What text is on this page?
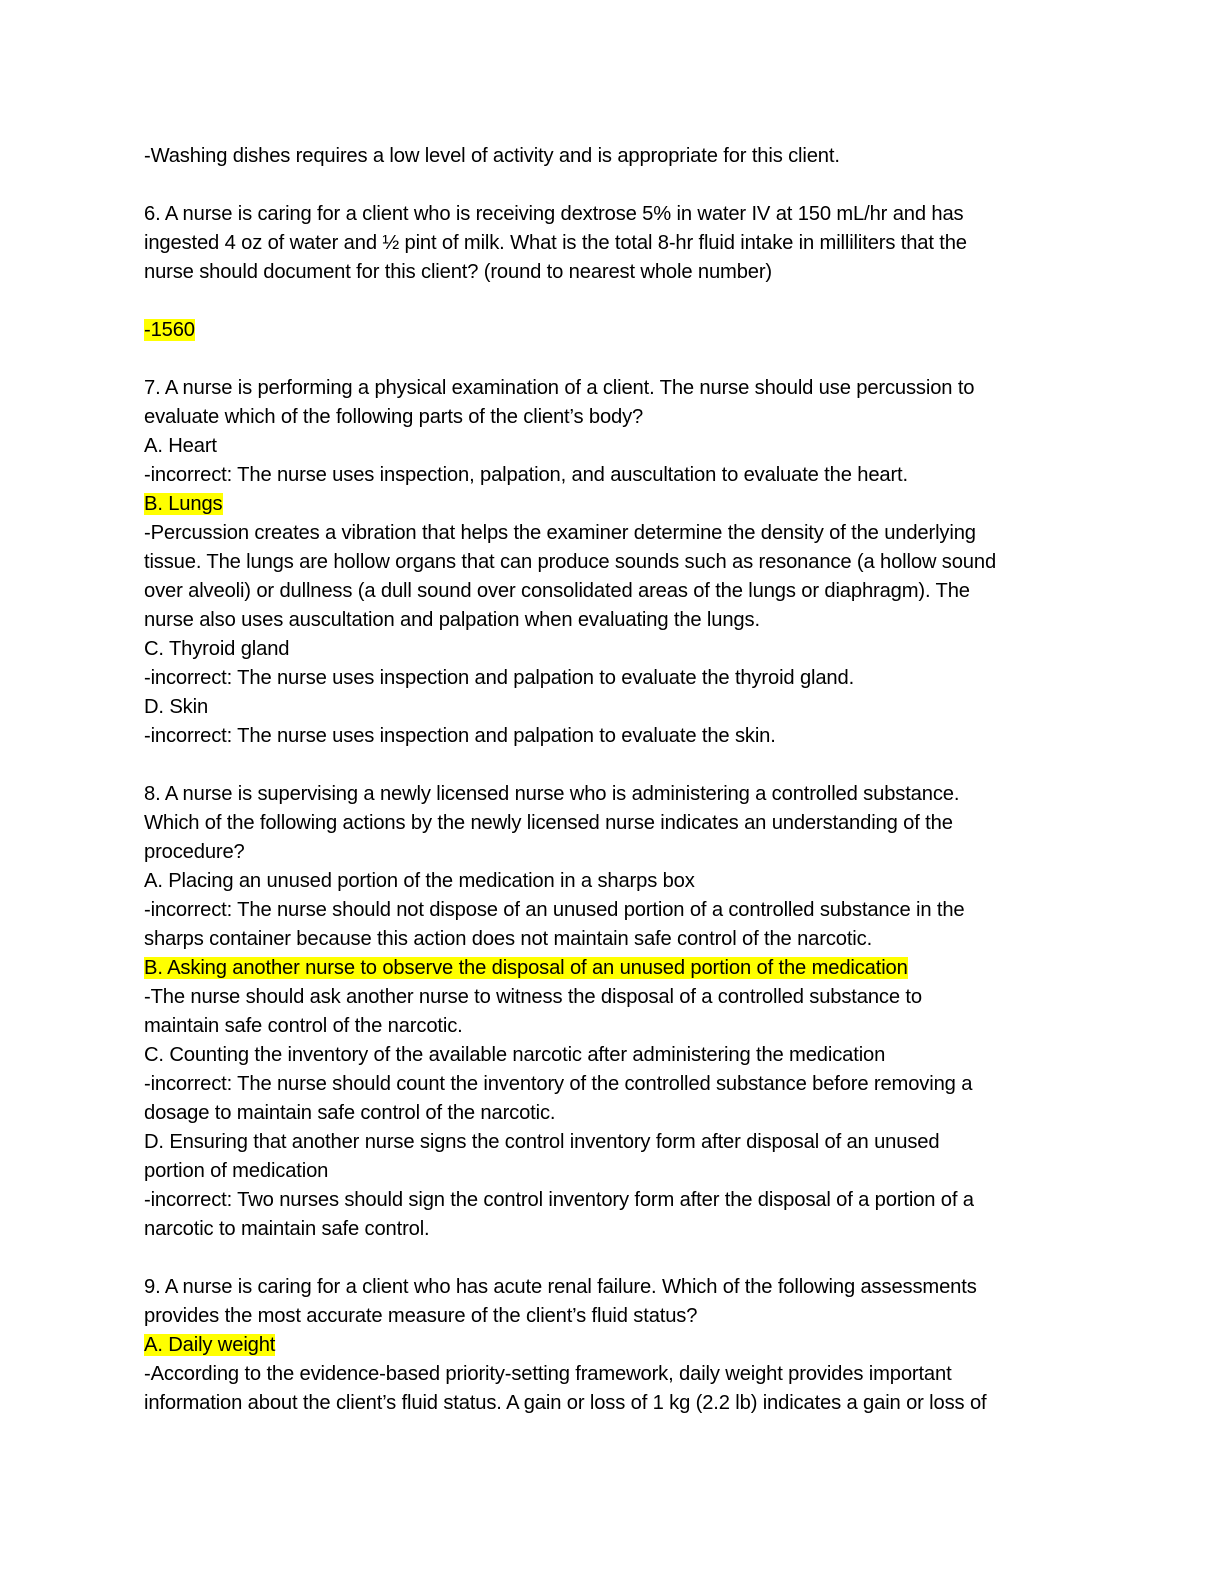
-Washing dishes requires a low level of activity and is appropriate for this client.
6. A nurse is caring for a client who is receiving dextrose 5% in water IV at 150 mL/hr and has
ingested 4 oz of water and ½ pint of milk. What is the total 8-hr fluid intake in milliliters that the
nurse should document for this client? (round to nearest whole number)
-1560
7. A nurse is performing a physical examination of a client. The nurse should use percussion to
evaluate which of the following parts of the client’s body?
A. Heart
-incorrect: The nurse uses inspection, palpation, and auscultation to evaluate the heart.
B. Lungs
-Percussion creates a vibration that helps the examiner determine the density of the underlying
tissue. The lungs are hollow organs that can produce sounds such as resonance (a hollow sound
over alveoli) or dullness (a dull sound over consolidated areas of the lungs or diaphragm). The
nurse also uses auscultation and palpation when evaluating the lungs.
C. Thyroid gland
-incorrect: The nurse uses inspection and palpation to evaluate the thyroid gland.
D. Skin
-incorrect: The nurse uses inspection and palpation to evaluate the skin.
8. A nurse is supervising a newly licensed nurse who is administering a controlled substance.
Which of the following actions by the newly licensed nurse indicates an understanding of the
procedure?
A. Placing an unused portion of the medication in a sharps box
-incorrect: The nurse should not dispose of an unused portion of a controlled substance in the
sharps container because this action does not maintain safe control of the narcotic.
B. Asking another nurse to observe the disposal of an unused portion of the medication
-The nurse should ask another nurse to witness the disposal of a controlled substance to
maintain safe control of the narcotic.
C. Counting the inventory of the available narcotic after administering the medication
-incorrect: The nurse should count the inventory of the controlled substance before removing a
dosage to maintain safe control of the narcotic.
D. Ensuring that another nurse signs the control inventory form after disposal of an unused
portion of medication
-incorrect: Two nurses should sign the control inventory form after the disposal of a portion of a
narcotic to maintain safe control.
9. A nurse is caring for a client who has acute renal failure. Which of the following assessments
provides the most accurate measure of the client’s fluid status?
A. Daily weight
-According to the evidence-based priority-setting framework, daily weight provides important
information about the client’s fluid status. A gain or loss of 1 kg (2.2 lb) indicates a gain or loss of
